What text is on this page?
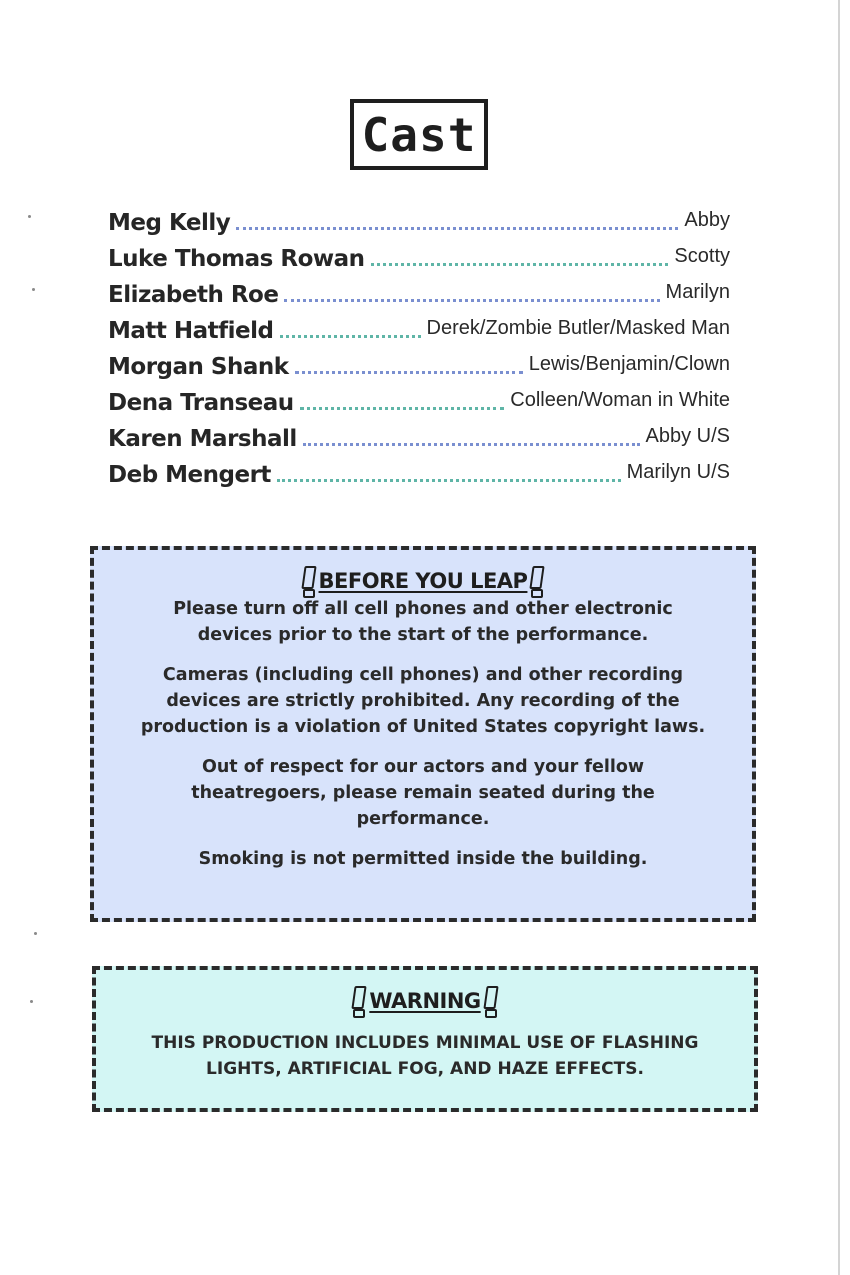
Cast
Meg Kelly	Abby
Luke Thomas Rowan	Scotty
Elizabeth Roe	Marilyn
Matt Hatfield	Derek/Zombie Butler/Masked Man
Morgan Shank	Lewis/Benjamin/Clown
Dena Transeau	Colleen/Woman in White
Karen Marshall	Abby U/S
Deb Mengert	Marilyn U/S
BEFORE YOU LEAP
Please turn off all cell phones and other electronic
devices prior to the start of the performance.
Cameras (including cell phones) and other recording
devices are strictly prohibited. Any recording of the
production is a violation of United States copyright laws.
Out of respect for our actors and your fellow
theatregoers, please remain seated during the
performance.
Smoking is not permitted inside the building.
WARNING
THIS PRODUCTION INCLUDES MINIMAL USE OF FLASHING
LIGHTS, ARTIFICIAL FOG, AND HAZE EFFECTS.
